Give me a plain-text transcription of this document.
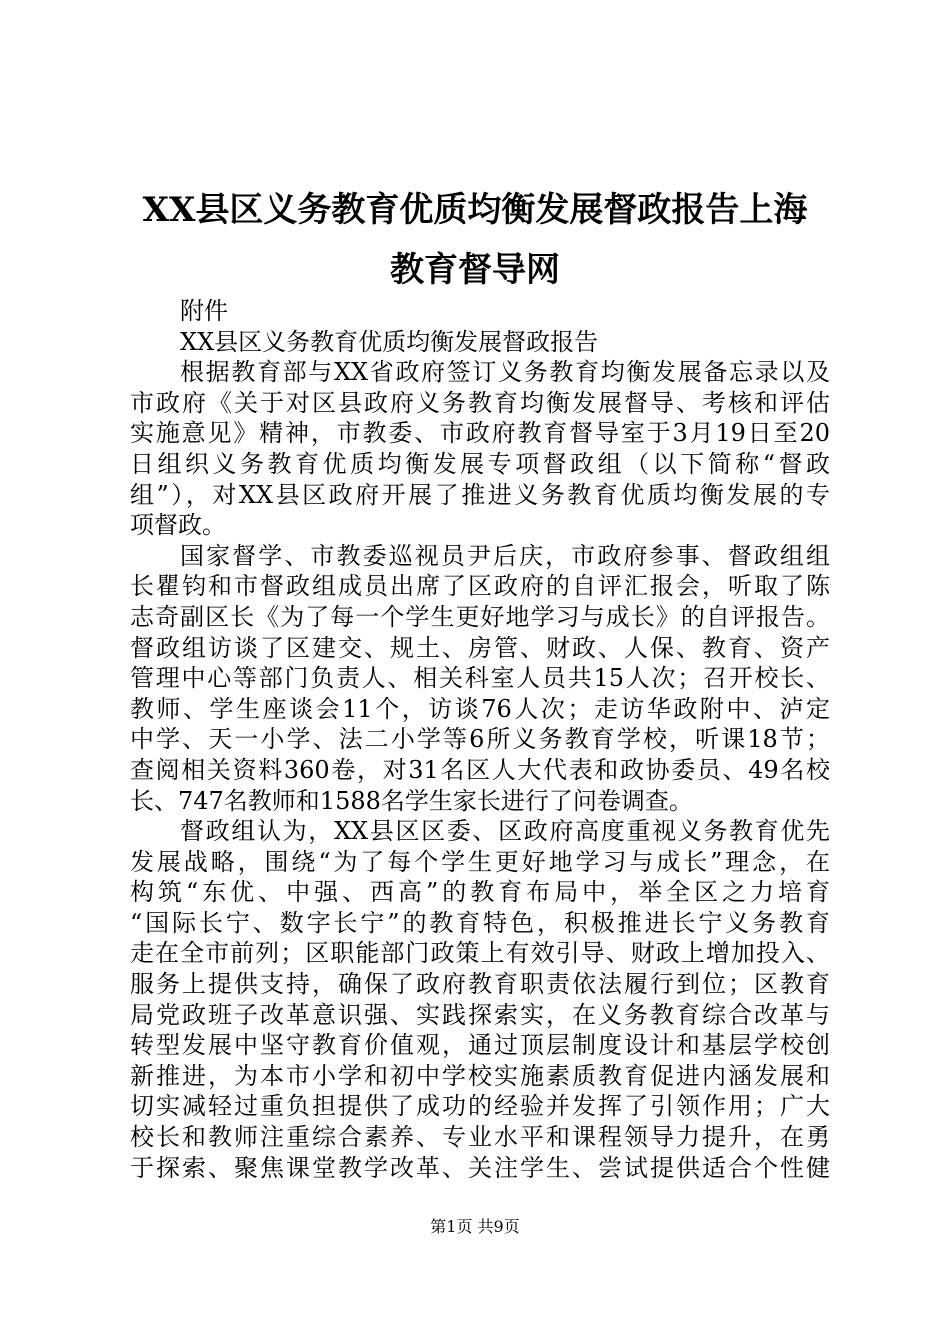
XX县区义务教育优质均衡发展督政报告上海
教育督导网
附件
XX县区义务教育优质均衡发展督政报告
根据教育部与XX省政府签订义务教育均衡发展备忘录以及
市政府《关于对区县政府义务教育均衡发展督导、考核和评估
实施意见》精神，市教委、市政府教育督导室于3月19日至20
日组织义务教育优质均衡发展专项督政组（以下简称“督政
组”），对XX县区政府开展了推进义务教育优质均衡发展的专
项督政。
国家督学、市教委巡视员尹后庆，市政府参事、督政组组
长瞿钧和市督政组成员出席了区政府的自评汇报会，听取了陈
志奇副区长《为了每一个学生更好地学习与成长》的自评报告。
督政组访谈了区建交、规土、房管、财政、人保、教育、资产
管理中心等部门负责人、相关科室人员共15人次；召开校长、
教师、学生座谈会11个，访谈76人次；走访华政附中、泸定
中学、天一小学、法二小学等6所义务教育学校，听课18节；
查阅相关资料360卷，对31名区人大代表和政协委员、49名校
长、747名教师和1588名学生家长进行了问卷调查。
督政组认为，XX县区区委、区政府高度重视义务教育优先
发展战略，围绕“为了每个学生更好地学习与成长”理念，在
构筑“东优、中强、西高”的教育布局中，举全区之力培育
“国际长宁、数字长宁”的教育特色，积极推进长宁义务教育
走在全市前列；区职能部门政策上有效引导、财政上增加投入、
服务上提供支持，确保了政府教育职责依法履行到位；区教育
局党政班子改革意识强、实践探索实，在义务教育综合改革与
转型发展中坚守教育价值观，通过顶层制度设计和基层学校创
新推进，为本市小学和初中学校实施素质教育促进内涵发展和
切实减轻过重负担提供了成功的经验并发挥了引领作用；广大
校长和教师注重综合素养、专业水平和课程领导力提升，在勇
于探索、聚焦课堂教学改革、关注学生、尝试提供适合个性健
第1页 共9页
